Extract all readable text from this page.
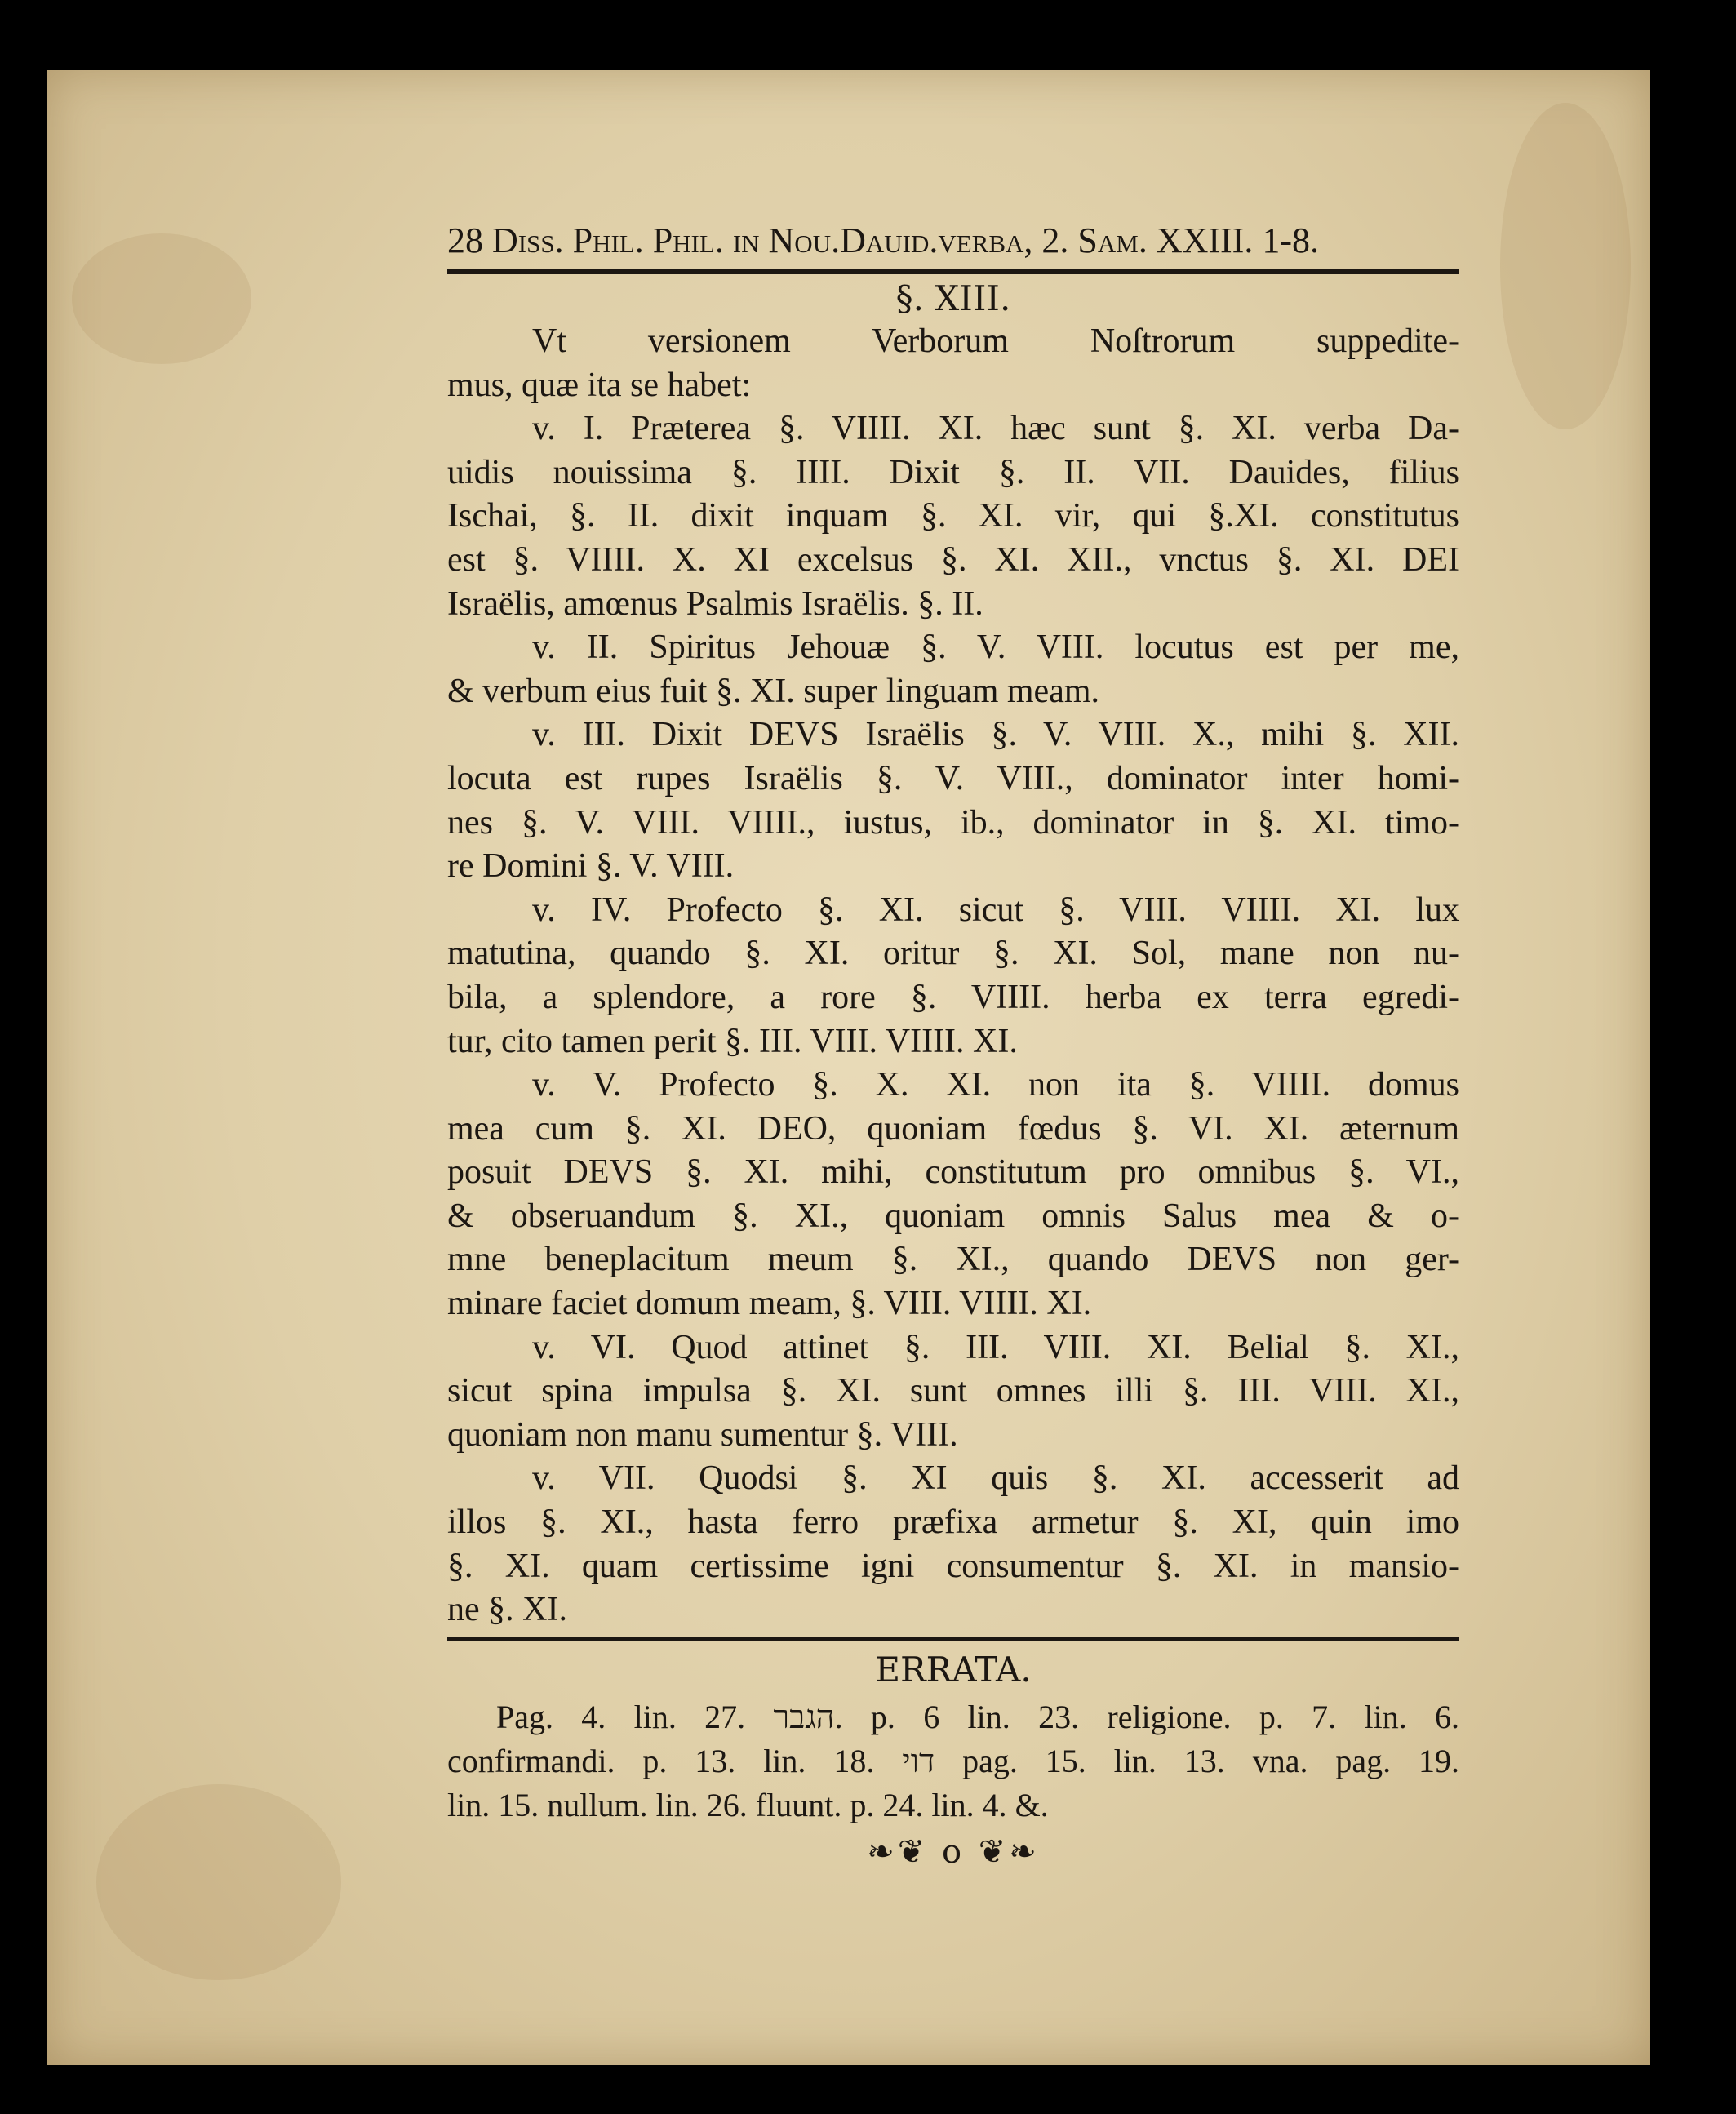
28 Diss. Phil. Phil. in Nou.Dauid.verba, 2. Sam. XXIII. 1-8.
§. XIII.
Vt versionem Verborum Noſtrorum suppedite-
mus, quæ ita se habet:
v. I. Præterea §. VIIII. XI. hæc sunt §. XI. verba Da-
uidis nouissima §. IIII. Dixit §. II. VII. Dauides, filius
Ischai, §. II. dixit inquam §. XI. vir, qui §.XI. constitutus
est §. VIIII. X. XI excelsus §. XI. XII., vnctus §. XI. DEI
Israëlis, amœnus Psalmis Israëlis. §. II.
v. II. Spiritus Jehouæ §. V. VIII. locutus est per me,
& verbum eius fuit §. XI. super linguam meam.
v. III. Dixit DEVS Israëlis §. V. VIII. X., mihi §. XII.
locuta est rupes Israëlis §. V. VIII., dominator inter homi-
nes §. V. VIII. VIIII., iustus, ib., dominator in §. XI. timo-
re Domini §. V. VIII.
v. IV. Profecto §. XI. sicut §. VIII. VIIII. XI. lux
matutina, quando §. XI. oritur §. XI. Sol, mane non nu-
bila, a splendore, a rore §. VIIII. herba ex terra egredi-
tur, cito tamen perit §. III. VIII. VIIII. XI.
v. V. Profecto §. X. XI. non ita §. VIIII. domus
mea cum §. XI. DEO, quoniam fœdus §. VI. XI. æternum
posuit DEVS §. XI. mihi, constitutum pro omnibus §. VI.,
& obseruandum §. XI., quoniam omnis Salus mea & o-
mne beneplacitum meum §. XI., quando DEVS non ger-
minare faciet domum meam, §. VIII. VIIII. XI.
v. VI. Quod attinet §. III. VIII. XI. Belial §. XI.,
sicut spina impulsa §. XI. sunt omnes illi §. III. VIII. XI.,
quoniam non manu sumentur §. VIII.
v. VII. Quodsi §. XI quis §. XI. accesserit ad
illos §. XI., hasta ferro præfixa armetur §. XI, quin imo
§. XI. quam certissime igni consumentur §. XI. in mansio-
ne §. XI.
ERRATA.
Pag. 4. lin. 27. הגבר. p. 6 lin. 23. religione. p. 7. lin. 6.
confirmandi. p. 13. lin. 18. דוי pag. 15. lin. 13. vna. pag. 19.
lin. 15. nullum. lin. 26. fluunt. p. 24. lin. 4. &.
❧❦ o ❦❧
